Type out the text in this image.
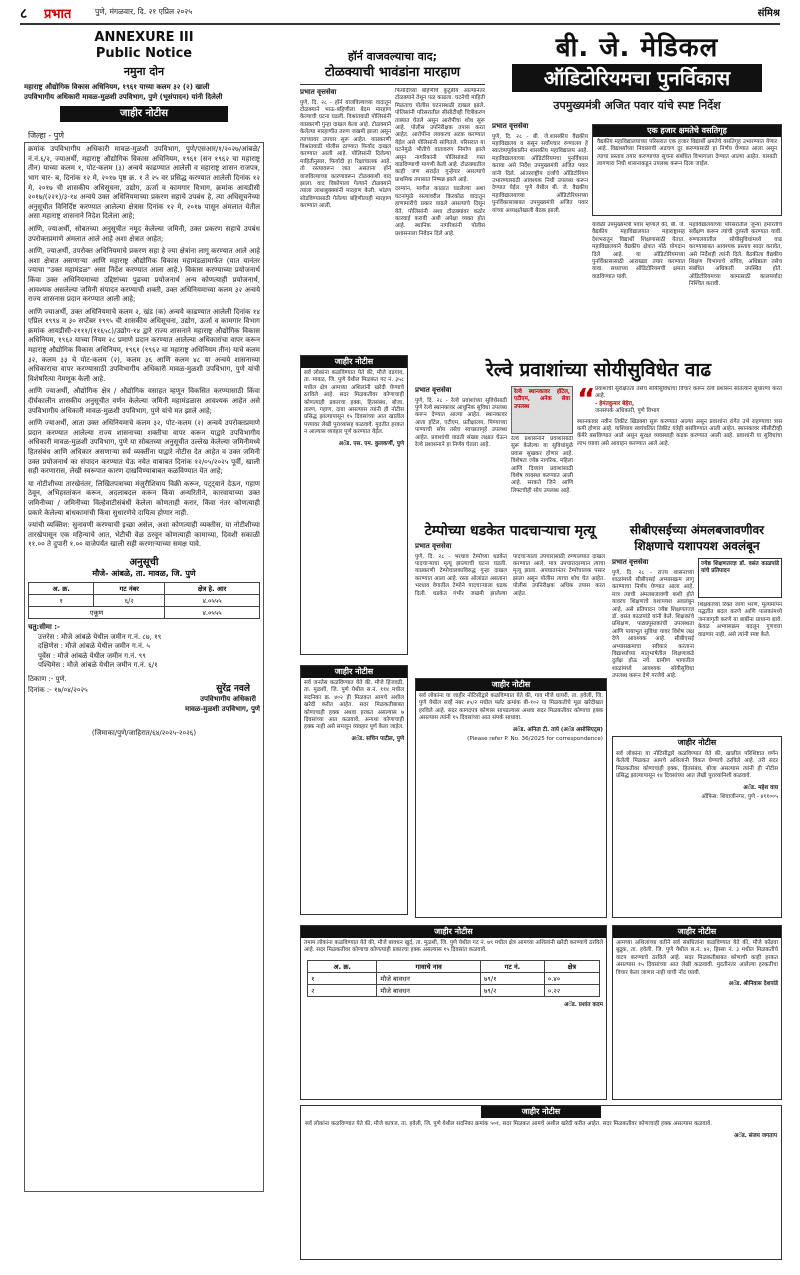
८ प्रभात	पुणे, मंगळवार, दि. २१ एप्रिल २०२५	संमिश्र
ANNEXURE III
Public Notice
नमुना दोन
महाराष्ट्र औद्योगिक विकास अधिनियम, १९६१ याच्या कलम ३२ (२) खाली
उपविभागीय अधिकारी मावळ-मुळशी उपविभाग, पुणे (भूसंपादन) यांनी दिलेली
जाहीर नोटीस
जिल्हा - पुणे

क्रमांक उपविभागीय अधिकारी मावळ-मुळशी उपविभाग, पुणे/एसआर/१/२०२७/आंबळे/नं.नं.६/२, ज्याअर्थी, महाराष्ट्र औद्योगिक विकास अधिनियम, १९६१ (सन १९६२ चा महाराष्ट्र तीन) याच्या कलम १, पोट-कलम (३) अन्वये काढण्यात आलेली व महाराष्ट्र शासन राजपत्र, भाग चार- ब, दिनांक १२ मे, २०१७ पृष्ठ क्र. १ ते २५ वर प्रसिद्ध करण्यात आलेली दिनांक १२ मे, २०१७ ची शासकीय अधिसूचना, उद्योग, ऊर्जा व कामगार विभाग, क्रमांक आयडीसी २०१७/(२२१)/३-१४ अन्वये उक्त अधिनियमाच्या प्रकरण सहाचे उपबंध हे, त्या अधिसूचनेच्या अनुसूचीत विनिर्दिष्ट करण्यात आलेल्या क्षेत्रास दिनांक १२ मे, २०१७ पासून अंमलात येतील असा महाराष्ट्र शासनाने निदेश दिलेला आहे;

आणि, ज्याअर्थी, सोबतच्या अनुसूचीत नमूद केलेल्या जमिनी, उक्त प्रकरण सहाचे उपबंध उपरोक्तप्रमाणे अंमलात आले आहे अशा क्षेत्रात आहेत;

आणि, ज्याअर्थी, उपरोक्त अधिनियमाचे प्रकरण सहा हे ज्या क्षेत्रांना लागू करण्यात आले आहे अशा क्षेत्रात असणाऱ्या आणि महाराष्ट्र औद्योगिक विकास महामंडळामार्फत (यात यानंतर ज्याचा "उक्त महामंडळ" असा निर्देश करण्यात आला आहे.) विकास करण्याच्या प्रयोजनार्थ किंवा उक्त अधिनियमाच्या उद्दिष्टांच्या पुढच्या प्रयोजनार्थ अन्य कोणत्याही प्रयोजनार्थ, आवश्यक असलेल्या जमिनी संपादन करण्याची शक्ती, उक्त अधिनियमाच्या कलम ३२ अन्वये राज्य शासनास प्रदान करण्यात आली आहे;

आणि ज्याअर्थी, उक्त अधिनियमाचे कलम २, खंड (क) अन्वये काढण्यात आलेली दिनांक १४ एप्रिल १९९४ व ३० सप्टेंबर १९९५ ची शासकीय अधिसूचना, उद्योग, ऊर्जा व कामगार विभाग क्रमांक आयडीसी-२१११/(११६५८)/उद्योग-१४ द्वारे राज्य शासनाने महाराष्ट्र औद्योगिक विकास अधिनियम, १९६२ याच्या नियम २८ प्रमाणे प्रदान करण्यात आलेल्या अधिकारांचा वापर करून महाराष्ट्र औद्योगिक विकास अधिनियम, १९६१ (१९६२ चा महाराष्ट्र अधिनियम तीन) याचे कलम ३२, कलम ३३ चे पोट-कलम (२), कलम ३६ आणि कलम ४८ या अन्वये शासनाच्या अधिकाराचा वापर करण्यासाठी उपविभागीय अधिकारी मावळ-मुळशी उपविभाग, पुणे यांची विशेषरित्या नेमणूक केली आहे.

आणि ज्याअर्थी, औद्योगिक क्षेत्र / औद्योगिक वसाहत म्हणून विकसित करण्यासाठी किंवा दीर्घकालीन शासकीय अनुसूचीत वर्णन केलेल्या जमिनी महामंडळास आवश्यक आहेत असे उपविभागीय अधिकारी मावळ-मुळशी उपविभाग, पुणे यांचे मत झाले आहे;

आणि ज्याअर्थी, आता उक्त अधिनियमाचे कलम ३२, पोट-कलम (२) अन्वये उपरोक्तप्रमाणे प्रदान करण्यात आलेल्या राज्य शासनाच्या शक्तीचा वापर करून याद्वारे उपविभागीय अधिकारी मावळ-मुळशी उपविभाग, पुणे या सोबतच्या अनुसूचीत उल्लेख केलेल्या जमिनीमध्ये हितसंबंध आणि अधिकार असणाऱ्या सर्व व्यक्तींना याद्वारे नोटीस देत आहेत व उक्त जमिनी उक्त प्रयोजनार्थ का संपादन करण्यात येऊ नयेत याबाबत दिनांक १२/०५/२०२५ पूर्वी, खाली सही करणारास, लेखी स्वरूपात कारण दाखविण्याबाबत कळविण्यात येत आहे;

या नोटीशीच्या तारखेनंतर, लिखितपत्राच्या मंजुरीशिवाय विक्री करून, पट्ट्याने देऊन, गहाण ठेवून, अभिहस्तांकन करून, अदलाबदल करून किंवा अन्यरितीने, कारवायाच्या उक्त जमिनीच्या / जमिनीच्या विल्हेवाटीसंबंधी केलेला कोणताही करार, किंवा नंतर कोणत्याही प्रकारे केलेल्या बांधकामांची किंवा सुधारणेचे दायित्व होणार नाही.

ज्यांची व्यक्तिश: सुनावणी करण्याची इच्छा असेल, अशा कोणत्याही व्यक्तीस, या नोटीशीच्या तारखेपासून एक महिन्याचे आत, भेटीची वेळ ठरवून कोणत्याही कामाच्या, दिवशी सकाळी ११.०० ते दुपारी १.०० वाजेपर्यंत खाली सही करणाऱ्याच्या समक्ष यावे.

अनुसूची
मौजे- आंबळे, ता. मावळ, जि. पुणे
अ. क्र.	गट नंबर	क्षेत्र हे. आर
१	६/२	४.०५५५
एकूण		४.०५५५
चतु:सीमा :-
उत्तरेस : मौजे आंबळे येथील जमीन ग.नं. ८७, १९
दक्षिणेस : मौजे आंबळे येथील जमीन ग.नं. ५
पूर्वेस : मौजे आंबळे येथील जमीन ग.नं. ९९
पश्चिमेस : मौजे आंबळे येथील जमीन ग.नं. ६/१
ठिकाण :- पुणे.
दिनांक :- १७/०४/२०२५	सुरेंद्र नवले
उपविभागीय अधिकारी
मावळ-मुळशी उपविभाग, पुणे
(जिमाका/पुणे/जाहिरात/६४/२०२५-२०२६)
हॉर्न वाजवल्याचा वाद;
टोळक्याची भावंडांना मारहाण
प्रभात वृत्तसेवा

पुणे, दि. २८ - हॉर्न वाजविल्याच्या वादातून टोळक्याने भाऊ-बहिणीला बेदम मारहाण केल्याची घटना घडली. विश्रांतवाडी पोलिसांनी याप्रकरणी गुन्हा दाखल केला आहे. टोळक्याने केलेल्या मारहाणीत तरुण जखमी झाला असून त्याच्यावर उपचार सुरू आहेत. याप्रकरणी विश्रांतवाडी पोलीस ठाण्यात फिर्याद दाखल करण्यात आली आहे. पोलिसांनी दिलेल्या माहितीनुसार, फिर्यादी हा रिक्षाचालक आहे. तो रस्त्यावरून जात असताना हॉर्न वाजविल्याच्या कारणावरून टोळक्याशी वाद झाला. वाद विकोपाला गेल्याने टोळक्याने त्याला लाथाबुक्क्यांनी मारहाण केली. भांडण सोडविण्यासाठी गेलेल्या बहिणीलाही मारहाण करण्यात आली.

फिर्यादीच्या बहिणीचे कुटुंबीय आल्यानंतर टोळक्याने तेथून पळ काढला. घटनेची माहिती मिळताच पोलीस घटनास्थळी दाखल झाले. पोलिसांनी परिसरातील सीसीटीव्ही चित्रीकरण ताब्यात घेतले असून आरोपींचा शोध सुरू आहे. पोलीस उपनिरीक्षक तपास करत आहेत. आरोपींना लवकरच अटक करण्यात येईल असे पोलिसांनी सांगितले. परिसरात या घटनेमुळे भीतीचे वातावरण निर्माण झाले असून नागरिकांनी पोलिसांकडे गस्त वाढविण्याची मागणी केली आहे. टोळक्यातील काही जण सराईत गुन्हेगार असल्याचे प्राथमिक तपासात निष्पन्न झाले आहे.

दरम्यान, मागील काळात घडलेल्या अशा घटनांमुळे रस्त्यावरील किरकोळ वादातून हाणामारीचे प्रकार वाढले असल्याचे दिसून येते. पोलिसांनी अशा टोळक्यांवर कठोर कारवाई करावी अशी अपेक्षा व्यक्त होत आहे. स्थानिक नागरिकांनी पोलीस प्रशासनाला निवेदन दिले आहे.

बी. जे. मेडिकल
ऑडिटोरियमचा पुनर्विकास
उपमुख्यमंत्री अजित पवार यांचे स्पष्ट निर्देश
प्रभात वृत्तसेवा

पुणे, दि. २८ - बी. जे.शासकीय वैद्यकीय महाविद्यालय व ससून सर्वोपचार रुग्णालय हे स्वातंत्र्यपूर्वकालीन शासकीय महाविद्यालय आहे. महाविद्यालयाच्या ऑडिटोरियमचा पुनर्विकास करावा असे निर्देश उपमुख्यमंत्री अजित पवार यांनी दिले. आंतरराष्ट्रीय दर्जाचे ऑडिटोरियम उभारण्यासाठी आवश्यक निधी उपलब्ध करून देण्यात येईल. पुणे येथील बी. जे. वैद्यकीय महाविद्यालयाच्या ऑडिटोरियमच्या पुनर्विकासाबाबत उपमुख्यमंत्री अजित पवार यांच्या अध्यक्षतेखाली बैठक झाली.

एक हजार क्षमतेचे वसतिगृह

वैद्यकीय महाविद्यालयाच्या परिसरात एक हजार विद्यार्थी क्षमतेचे वसतिगृह उभारण्यात येणार आहे. विद्यार्थ्यांच्या निवासाची अडचण दूर करण्यासाठी हा निर्णय घेण्यात आला असून त्याचा प्रस्ताव तयार करण्याच्या सूचना संबंधित विभागाला देण्यात आल्या आहेत. यासाठी लागणारा निधी शासनाकडून उपलब्ध करून दिला जाईल.

यावेळी उपमुख्यमंत्री पवार म्हणाले की, बी. जे. वैद्यकीय महाविद्यालयात महाराष्ट्रासह देशभरातून विद्यार्थी शिक्षणासाठी येतात. महाविद्यालयाने वैद्यकीय क्षेत्रात मोठे योगदान दिले आहे. या ऑडिटोरियमच्या पुनर्विकासासाठी आराखडा तयार करण्यात यावा. सध्याच्या ऑडिटोरियमची क्षमता वाढविण्यात यावी.

महाविद्यालयाच्या परिसरातील जुन्या इमारतींचे सर्वेक्षण करून त्यांची दुरुस्ती करण्यात यावी. रुग्णालयातील सोयीसुविधांमध्ये वाढ करण्याबाबत आवश्यक प्रस्ताव सादर करावेत, असे निर्देशही त्यांनी दिले. बैठकीला वैद्यकीय शिक्षण विभागाचे सचिव, अधिष्ठाता तसेच संबंधित अधिकारी उपस्थित होते. ऑडिटोरियमच्या कामासाठी कालमर्यादा निश्चित करावी.

जाहीर नोटीस

सर्व लोकांना कळविण्यात येते की, मौजे वडगाव, ता. मावळ, जि. पुणे येथील मिळकत गट नं. ३५८ मधील क्षेत्र आमच्या अशिलांनी खरेदी घेण्याचे ठरविले आहे. सदर मिळकतीवर कोणाचाही कोणत्याही प्रकारचा हक्क, हितसंबंध, बोजा, तारण, गहाण, दावा असल्यास त्यांनी ही नोटीस प्रसिद्ध झाल्यापासून १५ दिवसांच्या आत खालील पत्त्यावर लेखी पुराव्यासह कळवावे. मुदतीत हरकत न आल्यास व्यवहार पूर्ण करण्यात येईल.

अॅड. एस. एम. कुलकर्णी, पुणे

रेल्वे प्रवाशांच्या सोयीसुविधेत वाढ
प्रभात वृत्तसेवा

पुणे, दि. २८ - रेल्वे प्रवाशांच्या सुविधेसाठी पुणे रेल्वे स्थानकावर आधुनिक सुविधा उपलब्ध करून देण्यात आल्या आहेत. स्थानकावर आता हॉटेल, एटीएम, प्रतीक्षालय, पिण्याच्या पाण्याची सोय तसेच स्वच्छतागृहे उपलब्ध आहेत. प्रवाशांची वाढती संख्या लक्षात घेऊन रेल्वे प्रशासनाने हा निर्णय घेतला आहे.

रेल्वे स्थानकावर हॉटेल, एटीएम, अनेक सेवा उपलब्ध

रेल्वे प्रशासनाने प्रवाशांसाठी सुरू केलेल्या या सुविधांमुळे प्रवास सुखकर होणार आहे. विशेषतः ज्येष्ठ नागरिक, महिला आणि दिव्यांग प्रवाशांसाठी विशेष व्यवस्था करण्यात आली आहे. सरकते जिने आणि लिफ्टचीही सोय उपलब्ध आहे.

“ प्रवाशांची सुरक्षितता तसेच सोयीसुविधांचा विचार करून रेल्वे प्रशासन सातत्याने सुधारणा करत आहे.

- हेमंतकुमार बेहेरा,
जनसंपर्क अधिकारी, पुणे विभाग

स्थानकावर नवीन तिकीट खिडक्या सुरू करण्यात आल्या असून प्रवाशांना रांगेत उभे राहण्याचा त्रास कमी होणार आहे. याशिवाय स्वयंचलित तिकीट यंत्रेही बसविण्यात आली आहेत. स्थानकावर सीसीटीव्ही कॅमेरे बसविण्यात आले असून सुरक्षा व्यवस्थाही कडक करण्यात आली आहे. प्रवाशांनी या सुविधांचा लाभ घ्यावा असे आवाहन करण्यात आले आहे.

टेम्पोच्या धडकेत पादचाऱ्याचा मृत्यू
प्रभात वृत्तसेवा

पुणे, दि. २८ - भरधाव टेम्पोच्या धडकेत पादचाऱ्याचा मृत्यू झाल्याची घटना घडली. याप्रकरणी टेम्पोचालकाविरुद्ध गुन्हा दाखल करण्यात आला आहे. रस्ता ओलांडत असताना भरधाव वेगातील टेम्पोने पादचाऱ्याला धडक दिली. धडकेत गंभीर जखमी झालेल्या पादचाऱ्याला उपचारासाठी रुग्णालयात दाखल करण्यात आले, मात्र उपचारादरम्यान त्याचा मृत्यू झाला. अपघातानंतर टेम्पोचालक पसार झाला असून पोलीस त्याचा शोध घेत आहेत. पोलीस उपनिरीक्षक अधिक तपास करत आहेत.

सीबीएसईच्या अंमलबजावणीवर
शिक्षणाचे यशापयश अवलंबून
प्रभात वृत्तसेवा

पुणे, दि. २८ - राज्य शासनाच्या शाळांमध्ये सीबीएसई अभ्यासक्रम लागू करण्याचा निर्णय घेण्यात आला आहे. मात्र त्याची अंमलबजावणी कशी होते यावरच शिक्षणाचे यशापयश अवलंबून आहे, असे प्रतिपादन ज्येष्ठ शिक्षणतज्ज्ञ डॉ. वसंत काळपांडे यांनी केले. शिक्षकांचे प्रशिक्षण, पाठ्यपुस्तकांची उपलब्धता आणि पायाभूत सुविधा यावर विशेष लक्ष देणे आवश्यक आहे. सीबीएसई अभ्यासक्रमाचा स्वीकार करताना विद्यार्थ्यांच्या मातृभाषेतील शिक्षणाकडे दुर्लक्ष होऊ नये. ग्रामीण भागातील शाळांमध्ये आवश्यक सोयीसुविधा उपलब्ध करून देणे गरजेचे आहे.

ज्येष्ठ शिक्षणतज्ज्ञ डॉ. वसंत काळपांडे यांचे प्रतिपादन

शिक्षकांच्या रिक्त जागा भरणे, मूल्यमापन पद्धतीत बदल करणे आणि पालकांमध्ये जनजागृती करणे या बाबींना प्राधान्य द्यावे. केवळ अभ्यासक्रम बदलून गुणवत्ता वाढणार नाही, असे त्यांनी स्पष्ट केले.

जाहीर नोटीस

सर्व जनतेस कळविण्यात येते की, मौजे हिंजवडी, ता. मुळशी, जि. पुणे येथील स.नं. ११४ मधील सदनिका क्र. ४०२ ही मिळकत आमचे अशील खरेदी करीत आहेत. सदर मिळकतीबाबत कोणाचाही हक्क अथवा हरकत असल्यास ७ दिवसांच्या आत कळवावे, अन्यथा कोणाचाही हक्क नाही असे समजून व्यवहार पूर्ण केला जाईल.

अॅड. सचिन पाटील, पुणे

जाहीर नोटीस

सर्व लोकांना या जाहीर नोटिसीद्वारे कळविण्यात येते की, गाव मौजे धायरी, ता. हवेली, जि. पुणे येथील सर्व्हे नंबर ४५/२ मधील फ्लॅट क्रमांक बी-१०२ या मिळकतीचे मूळ खरेदीखत हरविले आहे. सदर कागदपत्र कोणास सापडल्यास अथवा सदर मिळकतीवर कोणाचा हक्क असल्यास त्यांनी १५ दिवसांच्या आत संपर्क साधावा.

अॅड. अनिता टी. तापे (अॅड असोसिएट्स)

(Please refer P. No. 36/2025 for correspondence)	जाहीर नोटीस

सर्व लोकांना या नोटिसीद्वारे कळविण्यात येते की, खालील परिशिष्टात वर्णन केलेली मिळकत आमचे अशिलांनी विकत घेण्याचे ठरविले आहे. तरी सदर मिळकतीवर कोणाचाही हक्क, हितसंबंध, बोजा असल्यास त्यांनी ही नोटीस प्रसिद्ध झाल्यापासून १४ दिवसांच्या आत लेखी पुराव्यानिशी कळवावे.

अॅड. महेश वाघ

ऑफिस: शिवाजीनगर, पुणे - ४११००५

जाहीर नोटीस

तमाम लोकांना कळविण्यात येते की, मौजे बावधन खुर्द, ता. मुळशी, जि. पुणे येथील गट नं. ७९ मधील क्षेत्र आमच्या अशिलांनी खरेदी करण्याचे ठरविले आहे. सदर मिळकतीवर कोणाचा कोणत्याही प्रकारचा हक्क असल्यास १५ दिवसांत कळवावे.

अ. क्र.	गावाचे नाव	गट नं.	क्षेत्र
१	मौजे बावधन	७९/१	०.४०
२	मौजे बावधन	७९/२	०.२२

अॅड. प्रशांत कदम

जाहीर नोटीस

आमच्या अशिलांच्या वतीने सर्व संबंधितांना कळविण्यात येते की, मौजे कोंढवा बुद्रुक, ता. हवेली, जि. पुणे येथील स.नं. ४२, हिस्सा नं. ३ मधील मिळकतीचे वाटप करण्याचे ठरविले आहे. सदर मिळकतीबाबत कोणाची काही हरकत असल्यास १५ दिवसांच्या आत लेखी कळवावी. मुदतीनंतर आलेल्या हरकतींचा विचार केला जाणार नाही याची नोंद घ्यावी.

अॅड. श्रीनिवास देशपांडे

जाहीर नोटीस

सर्व लोकांना कळविण्यात येते की, मौजे कात्रज, ता. हवेली, जि. पुणे येथील सदनिका क्रमांक ५०१, सदर मिळकत आमचे अशील खरेदी करीत आहेत. सदर मिळकतीवर कोणाचाही हक्क असल्यास कळवावे.

अॅड. संजय जगताप
